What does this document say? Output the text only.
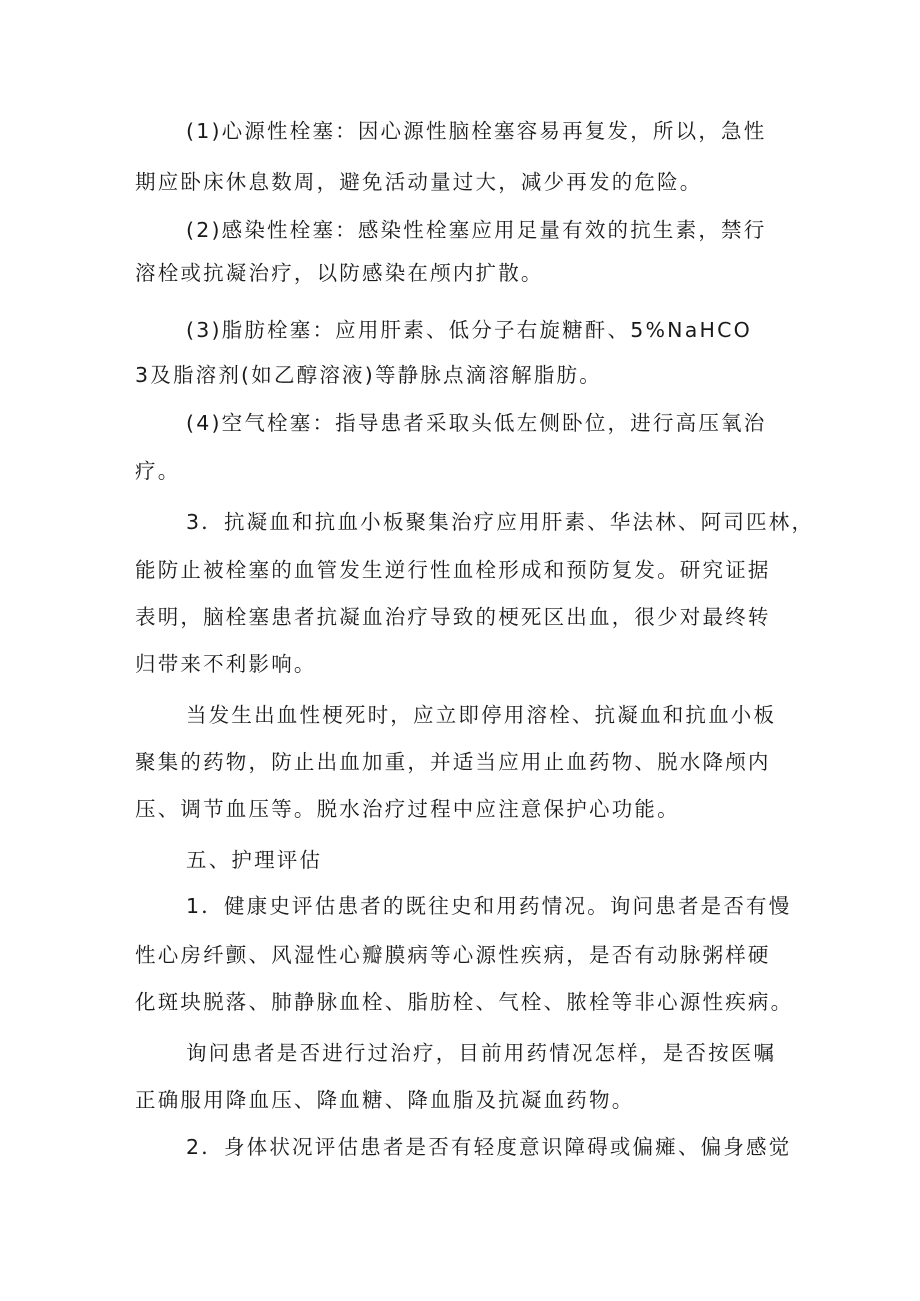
(1)心源性栓塞：因心源性脑栓塞容易再复发，所以，急性
期应卧床休息数周，避免活动量过大，减少再发的危险。
(2)感染性栓塞：感染性栓塞应用足量有效的抗生素，禁行
溶栓或抗凝治疗，以防感染在颅内扩散。
(3)脂肪栓塞：应用肝素、低分子右旋糖酐、5%NaHCO
3及脂溶剂(如乙醇溶液)等静脉点滴溶解脂肪。
(4)空气栓塞：指导患者采取头低左侧卧位，进行高压氧治
疗。
3．抗凝血和抗血小板聚集治疗应用肝素、华法林、阿司匹林，
能防止被栓塞的血管发生逆行性血栓形成和预防复发。研究证据
表明，脑栓塞患者抗凝血治疗导致的梗死区出血，很少对最终转
归带来不利影响。
当发生出血性梗死时，应立即停用溶栓、抗凝血和抗血小板
聚集的药物，防止出血加重，并适当应用止血药物、脱水降颅内
压、调节血压等。脱水治疗过程中应注意保护心功能。
五、护理评估
1．健康史评估患者的既往史和用药情况。询问患者是否有慢
性心房纤颤、风湿性心瓣膜病等心源性疾病，是否有动脉粥样硬
化斑块脱落、肺静脉血栓、脂肪栓、气栓、脓栓等非心源性疾病。
询问患者是否进行过治疗，目前用药情况怎样，是否按医嘱
正确服用降血压、降血糖、降血脂及抗凝血药物。
2．身体状况评估患者是否有轻度意识障碍或偏瘫、偏身感觉
